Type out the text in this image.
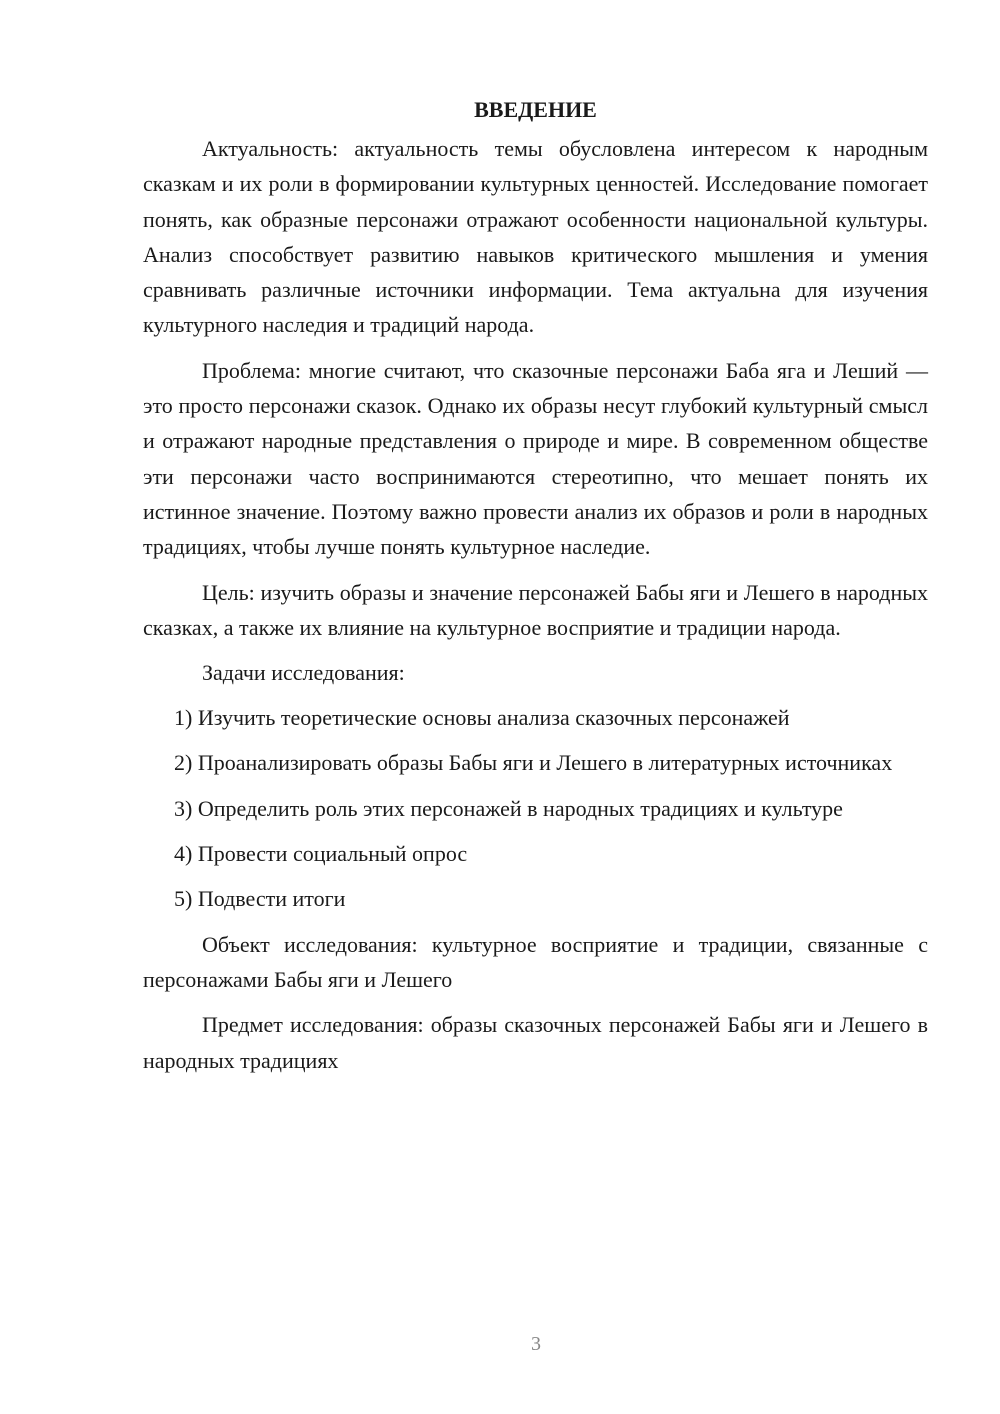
ВВЕДЕНИЕ

Актуальность: актуальность темы обусловлена интересом к народным сказкам и их роли в формировании культурных ценностей. Исследование помогает понять, как образные персонажи отражают особенности национальной культуры. Анализ способствует развитию навыков критического мышления и умения сравнивать различные источники информации. Тема актуальна для изучения культурного наследия и традиций народа.

Проблема: многие считают, что сказочные персонажи Баба яга и Леший — это просто персонажи сказок. Однако их образы несут глубокий культурный смысл и отражают народные представления о природе и мире. В современном обществе эти персонажи часто воспринимаются стереотипно, что мешает понять их истинное значение. Поэтому важно провести анализ их образов и роли в народных традициях, чтобы лучше понять культурное наследие.

Цель: изучить образы и значение персонажей Бабы яги и Лешего в народных сказках, а также их влияние на культурное восприятие и традиции народа.

Задачи исследования:

1) Изучить теоретические основы анализа сказочных персонажей

2) Проанализировать образы Бабы яги и Лешего в литературных источниках

3) Определить роль этих персонажей в народных традициях и культуре

4) Провести социальный опрос

5) Подвести итоги

Объект исследования: культурное восприятие и традиции, связанные с персонажами Бабы яги и Лешего

Предмет исследования: образы сказочных персонажей Бабы яги и Лешего в народных традициях

3
